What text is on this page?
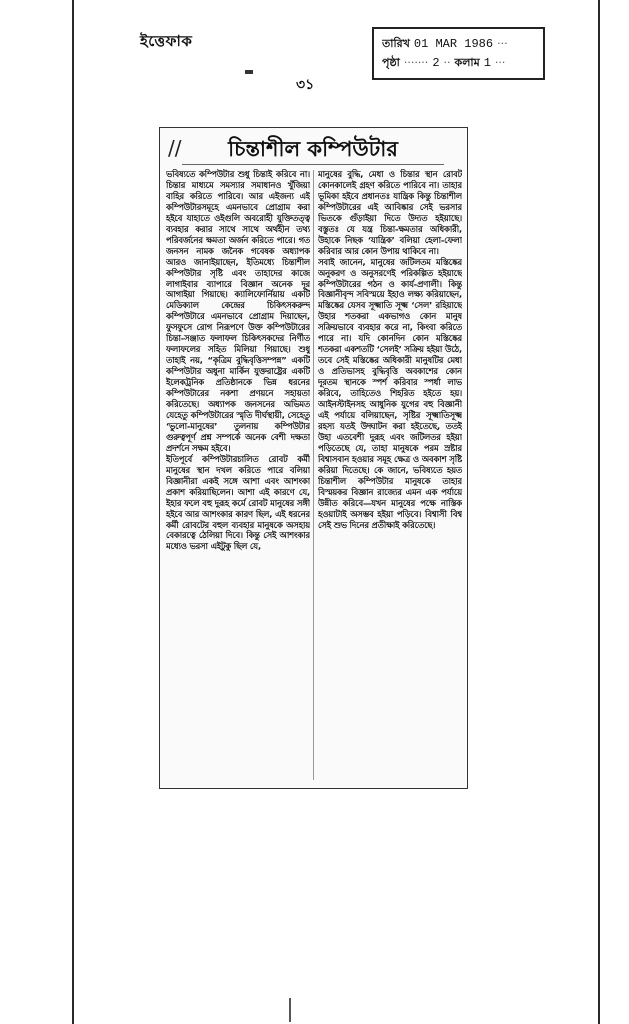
ইত্তেফাক
৩১
তারিখ 01 MAR 1986 ···
পৃষ্ঠা ······· 2 ·· কলাম 1 ···
//	চিন্তাশীল কম্পিউটার

ভবিষ্যতে কম্পিউটার শুধু চিন্তাই করিবে না। চিন্তার মাধ্যমে সমস্যার সমাধানও খুঁজিয়া বাহির করিতে পারিবে। আর এইজন্য এই কম্পিউটারসমূহে এমনভাবে প্রোগ্রাম করা হইবে যাহাতে ওইগুলি অবরোহী যুক্তিতত্ত্ব ব্যবহার করার সাথে সাথে অর্থহীন তথ্য পরিবর্জনের ক্ষমতা অর্জন করিতে পারে। গত জনসন নামক জনৈক গবেষক অধ্যাপক আরও জানাইয়াছেন, ইতিমধ্যে চিন্তাশীল কম্পিউটার সৃষ্টি এবং তাহাদের কাজে লাগাইবার ব্যাপারে বিজ্ঞান অনেক দূর আগাইয়া গিয়াছে। ক্যালিফোর্নিয়ায় একটি মেডিক্যাল কেন্দ্রের চিকিৎসকরুন্দ কম্পিউটারে এমনভাবে প্রোগ্রাম দিয়াছেন, ফুসফুসে রোগ নিরূপণে উক্ত কম্পিউটারের চিন্তা-সঞ্জাত ফলাফল চিকিৎসকদের নির্ণীত ফলাফলের সহিত মিলিয়া গিয়াছে। শুধু তাহাই নয়, “কৃত্রিম বুদ্ধিবৃত্তিসম্পন্ন” একটি কম্পিউটার অধুনা মার্কিন যুক্তরাষ্ট্রের একটি ইলেকট্রনিক প্রতিষ্ঠানকে ভিন্ন ধরনের কম্পিউটারের নকশা প্রণয়নে সহায়তা করিতেছে। অধ্যাপক জনসনের অভিমত যেহেতু কম্পিউটারের স্মৃতি দীর্ঘস্থায়ী, সেহেতু ‘ভুলো-মানুষের’ তুলনায় কম্পিউটার গুরুত্বপূর্ণ প্রশ্ন সম্পর্কে অনেক বেশী দক্ষতা প্রদর্শনে সক্ষম হইবে।

ইতিপূর্বে কম্পিউটারচালিত রোবট কর্মী মানুষের স্থান দখল করিতে পারে বলিয়া বিজ্ঞানীরা একই সঙ্গে আশা এবং আশংকা প্রকাশ করিয়াছিলেন। আশা এই কারণে যে, ইহার ফলে বহু দুরূহ কর্মে রোবট মানুষের সঙ্গী হইবে আর আশংকার কারণ ছিল, এই ধরনের কর্মী রোবটের বহুল ব্যবহার মানুষকে অসহায় বেকারত্বে ঠেলিয়া দিবে। কিন্তু সেই আশংকার মধ্যেও ভরসা এইটুকু ছিল যে,

মানুষের বুদ্ধি, মেধা ও চিন্তার স্থান রোবট কোনকালেই গ্রহণ করিতে পারিবে না। তাহার ভূমিকা হইবে প্রধানতঃ যান্ত্রিক কিন্তু চিন্তাশীল কম্পিউটারের এই আবিষ্কার সেই ভরসার ভিতকে গুঁড়াইয়া দিতে উদ্যত হইয়াছে। বস্তুতঃ যে যন্ত্র চিন্তা-ক্ষমতার অধিকারী, উহাকে নিছক ‘যান্ত্রিক’ বলিয়া হেলা-ফেলা করিবার আর কোন উপায় থাকিবে না।

সবাই জানেন, মানুষের জটিলতম মস্তিষ্কের অনুকরণ ও অনুসরণেই পরিকল্পিত হইয়াছে কম্পিউটারের গঠন ও কার্য-প্রণালী। কিন্তু বিজ্ঞানীবৃন্দ সবিস্ময়ে ইহাও লক্ষ্য করিয়াছেন, মস্তিষ্কের যেসব সূক্ষ্মাতি সূক্ষ্ম ‘সেল’ রহিয়াছে উহার শতকরা একভাগও কোন মানুষ সক্রিয়ভাবে ব্যবহার করে না, কিংবা করিতে পারে না। যদি কোনদিন কোন মস্তিষ্কের শতকরা একশতটি ‘সেলই’ সক্রিয় হইয়া উঠে, তবে সেই মস্তিষ্কের অধিকারী মানুষটির মেধা ও প্রতিভাসহ বুদ্ধিবৃত্তি অবকাশের কোন দূরতম স্থানকে স্পর্শ করিবার স্পর্ধা লাভ করিবে, তাহিতেও শিহরিত হইতে হয়। আইনস্টাইনসহ আধুনিক যুগের বহু বিজ্ঞানী এই পর্যায়ে বলিয়াছেন, সৃষ্টির সূক্ষ্মাতিসূক্ষ্ম রহস্য যতই উদ্ঘাটন করা হইতেছে, ততই উহা এতবেশী দুরূহ এবং জটিলতর হইয়া পড়িতেছে যে, তাহা মানুষকে পরম স্রষ্টার বিশ্বাসবান হওয়ার সমূহ ক্ষেত্র ও অবকাশ সৃষ্টি করিয়া দিতেছে। কে জানে, ভবিষ্যতে হয়ত চিন্তাশীল কম্পিউটার মানুষকে তাহার বিস্ময়কর বিজ্ঞান রাজ্যের এমন এক পর্যায়ে উন্নীত করিবে—যখন মানুষের পক্ষে নাস্তিক হওয়াটাই অসম্ভব হইয়া পড়িবে। বিশ্বাসী বিশ্ব সেই শুভ দিনের প্রতীক্ষাই করিতেছে।
